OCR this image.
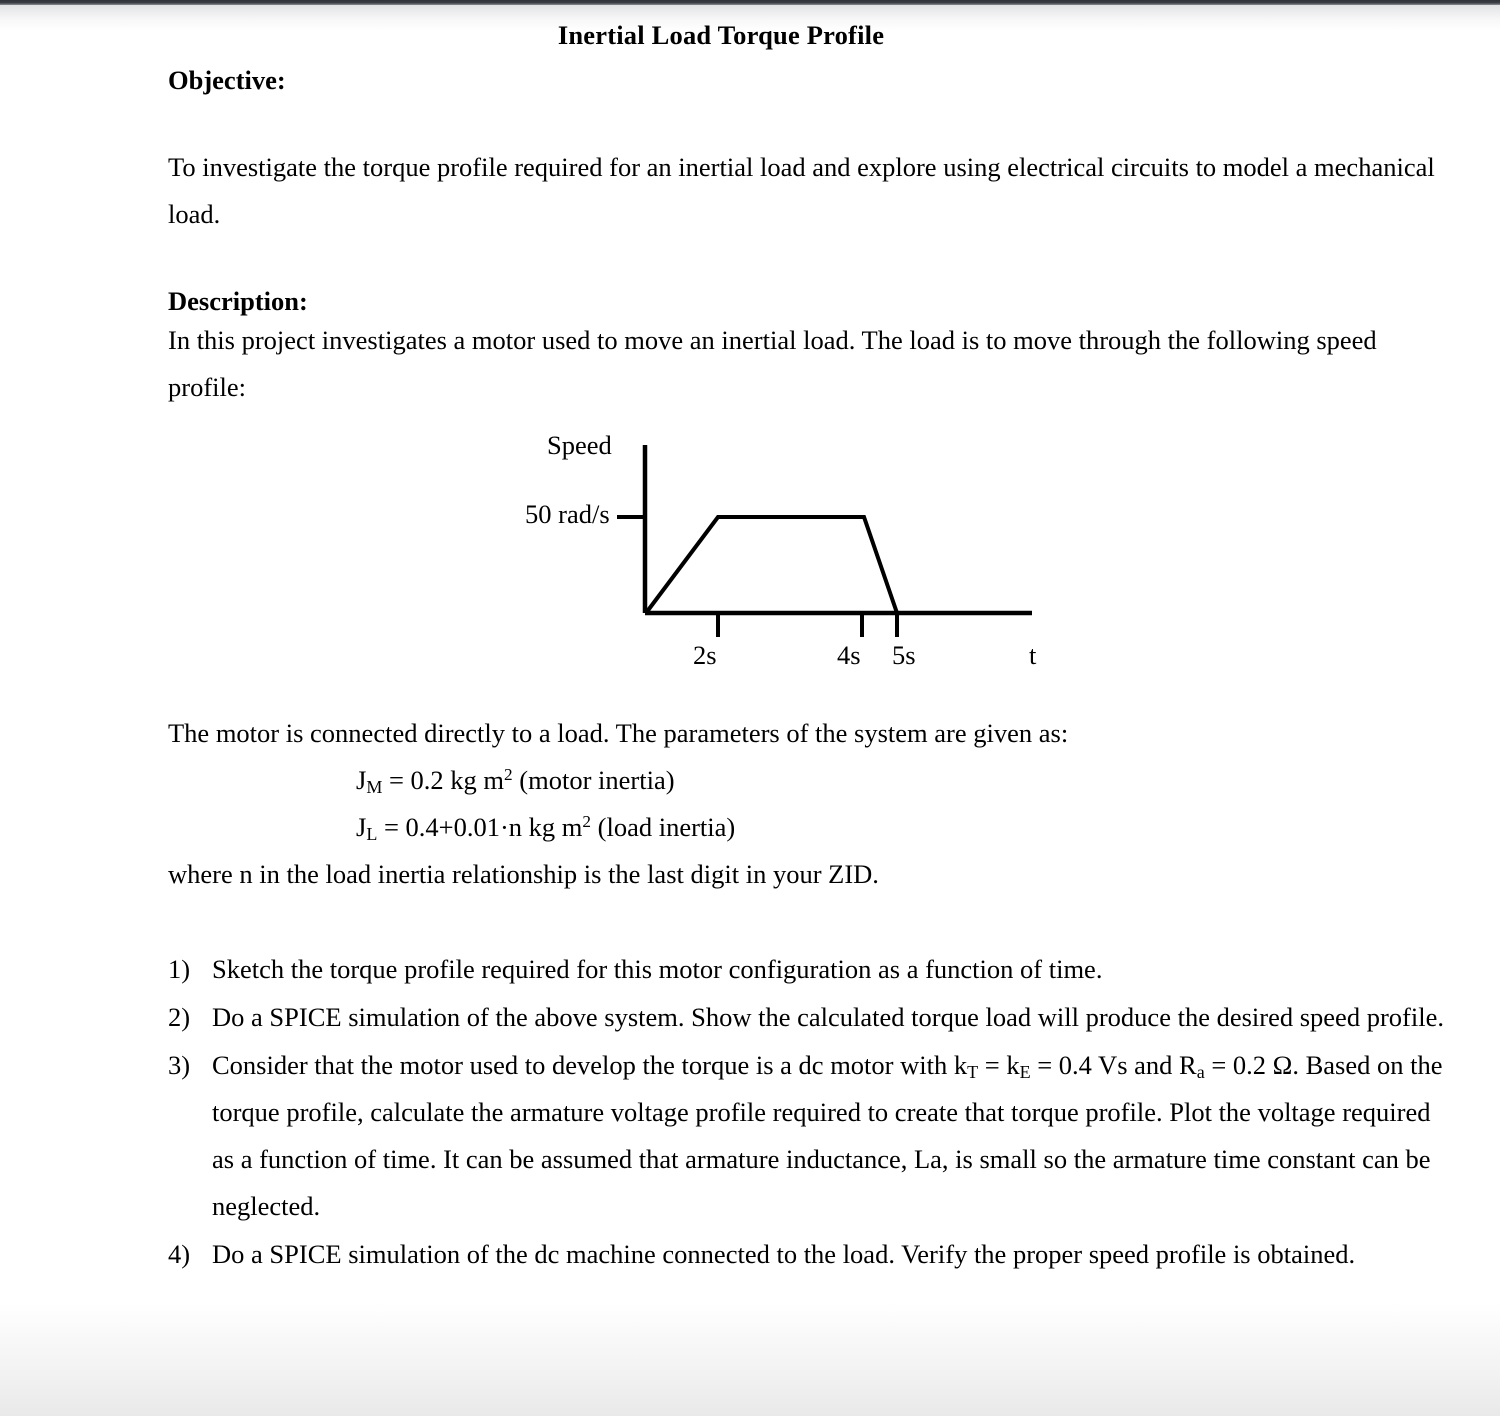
Inertial Load Torque Profile
Objective:
To investigate the torque profile required for an inertial load and explore using electrical circuits to model a mechanical load.
Description:
In this project investigates a motor used to move an inertial load. The load is to move through the following speed profile:
Speed
50 rad/s
2s	4s 5s	t
The motor is connected directly to a load. The parameters of the system are given as:
$J_M = 0.2$ kg $m^2$ (motor inertia)
$J_L = 0.4+0.01\cdot n$ kg $m^2$ (load inertia)
where n in the load inertia relationship is the last digit in your ZID.
1) Sketch the torque profile required for this motor configuration as a function of time.
2) Do a SPICE simulation of the above system. Show the calculated torque load will produce the desired speed profile.
3) Consider that the motor used to develop the torque is a dc motor with $k_T = k_E = 0.4$ Vs and $R_a = 0.2$ Ω. Based on the torque profile, calculate the armature voltage profile required to create that torque profile. Plot the voltage required as a function of time. It can be assumed that armature inductance, La, is small so the armature time constant can be neglected.
4) Do a SPICE simulation of the dc machine connected to the load. Verify the proper speed profile is obtained.
